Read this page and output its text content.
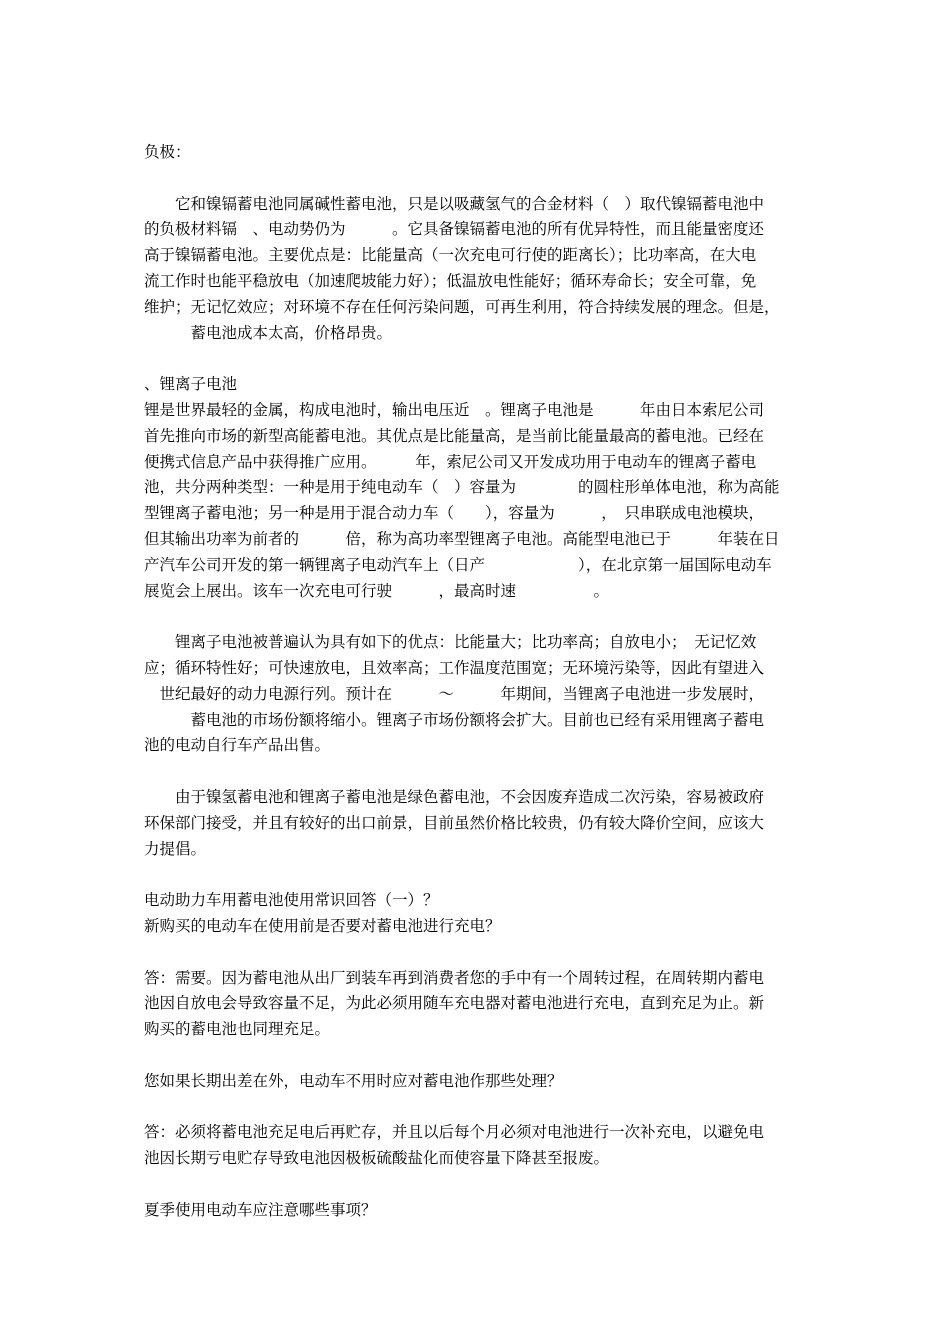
负极：
　　它和镍镉蓄电池同属碱性蓄电池，只是以吸藏氢气的合金材料（　）取代镍镉蓄电池中
的负极材料镉　、电动势仍为　　　。它具备镍镉蓄电池的所有优异特性，而且能量密度还
高于镍镉蓄电池。主要优点是：比能量高（一次充电可行使的距离长）；比功率高，在大电
流工作时也能平稳放电（加速爬坡能力好）；低温放电性能好；循环寿命长；安全可靠，免
维护；无记忆效应；对环境不存在任何污染问题，可再生利用，符合持续发展的理念。但是，
　　　蓄电池成本太高，价格昂贵。
、锂离子电池
锂是世界最轻的金属，构成电池时，输出电压近　。锂离子电池是　　　年由日本索尼公司
首先推向市场的新型高能蓄电池。其优点是比能量高，是当前比能量最高的蓄电池。已经在
便携式信息产品中获得推广应用。　　　年，索尼公司又开发成功用于电动车的锂离子蓄电
池，共分两种类型：一种是用于纯电动车（　）容量为　　　　的圆柱形单体电池，称为高能
型锂离子蓄电池；另一种是用于混合动力车（　　），容量为　　　，　只串联成电池模块，
但其输出功率为前者的　　　倍，称为高功率型锂离子电池。高能型电池已于　　　年装在日
产汽车公司开发的第一辆锂离子电动汽车上（日产　　　　　　），在北京第一届国际电动车
展览会上展出。该车一次充电可行驶　　　，最高时速　　　　　。
　　锂离子电池被普遍认为具有如下的优点：比能量大；比功率高；自放电小；　无记忆效
应；循环特性好；可快速放电，且效率高；工作温度范围宽；无环境污染等，因此有望进入
　世纪最好的动力电源行列。预计在　　　～　　　年期间，当锂离子电池进一步发展时，
　　　蓄电池的市场份额将缩小。锂离子市场份额将会扩大。目前也已经有采用锂离子蓄电
池的电动自行车产品出售。
　　由于镍氢蓄电池和锂离子蓄电池是绿色蓄电池，不会因废弃造成二次污染，容易被政府
环保部门接受，并且有较好的出口前景，目前虽然价格比较贵，仍有较大降价空间，应该大
力提倡。
电动助力车用蓄电池使用常识回答（一）？
新购买的电动车在使用前是否要对蓄电池进行充电？
答：需要。因为蓄电池从出厂到装车再到消费者您的手中有一个周转过程，在周转期内蓄电
池因自放电会导致容量不足，为此必须用随车充电器对蓄电池进行充电，直到充足为止。新
购买的蓄电池也同理充足。
您如果长期出差在外，电动车不用时应对蓄电池作那些处理？
答：必须将蓄电池充足电后再贮存，并且以后每个月必须对电池进行一次补充电，以避免电
池因长期亏电贮存导致电池因极板硫酸盐化而使容量下降甚至报废。
夏季使用电动车应注意哪些事项？
